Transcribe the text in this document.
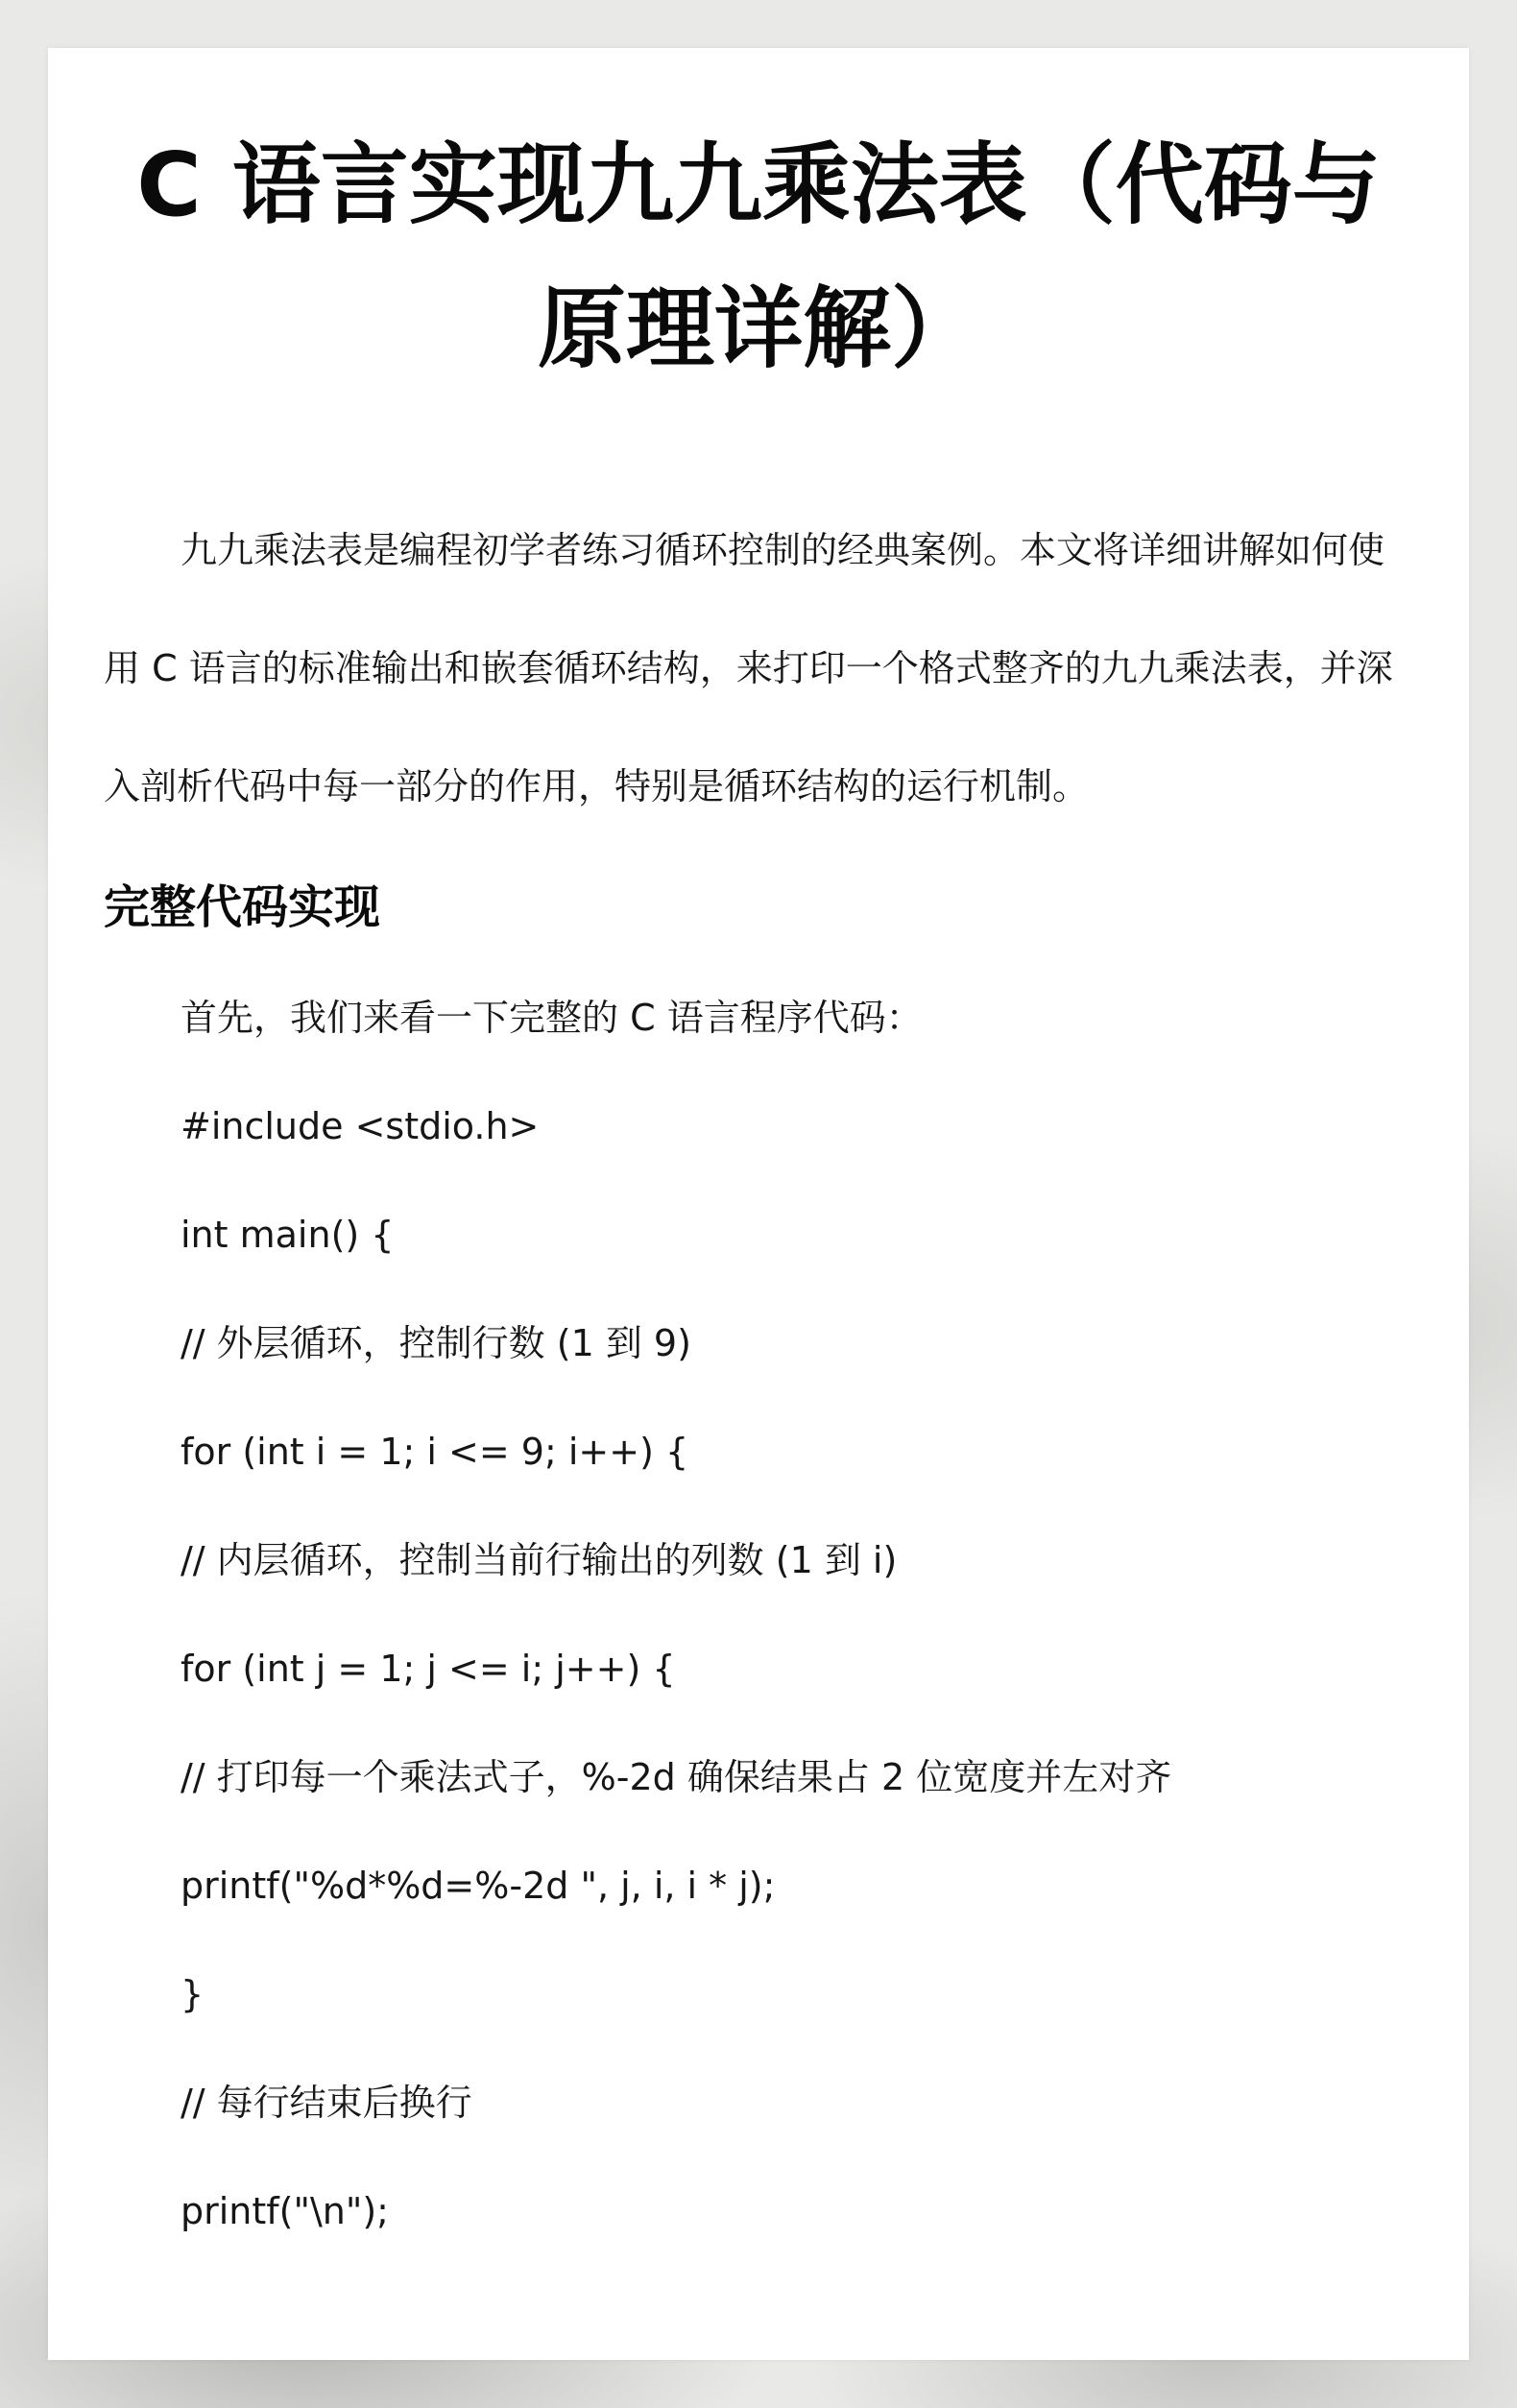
C 语言实现九九乘法表（代码与原理详解）

九九乘法表是编程初学者练习循环控制的经典案例。本文将详细讲解如何使用 C 语言的标准输出和嵌套循环结构，来打印一个格式整齐的九九乘法表，并深入剖析代码中每一部分的作用，特别是循环结构的运行机制。

完整代码实现
首先，我们来看一下完整的 C 语言程序代码：
#include <stdio.h>
int main() {
// 外层循环，控制行数 (1 到 9)
for (int i = 1; i <= 9; i++) {
// 内层循环，控制当前行输出的列数 (1 到 i)
for (int j = 1; j <= i; j++) {
// 打印每一个乘法式子，%-2d 确保结果占 2 位宽度并左对齐
printf("%d*%d=%-2d ", j, i, i * j);
}
// 每行结束后换行
printf("\n");
